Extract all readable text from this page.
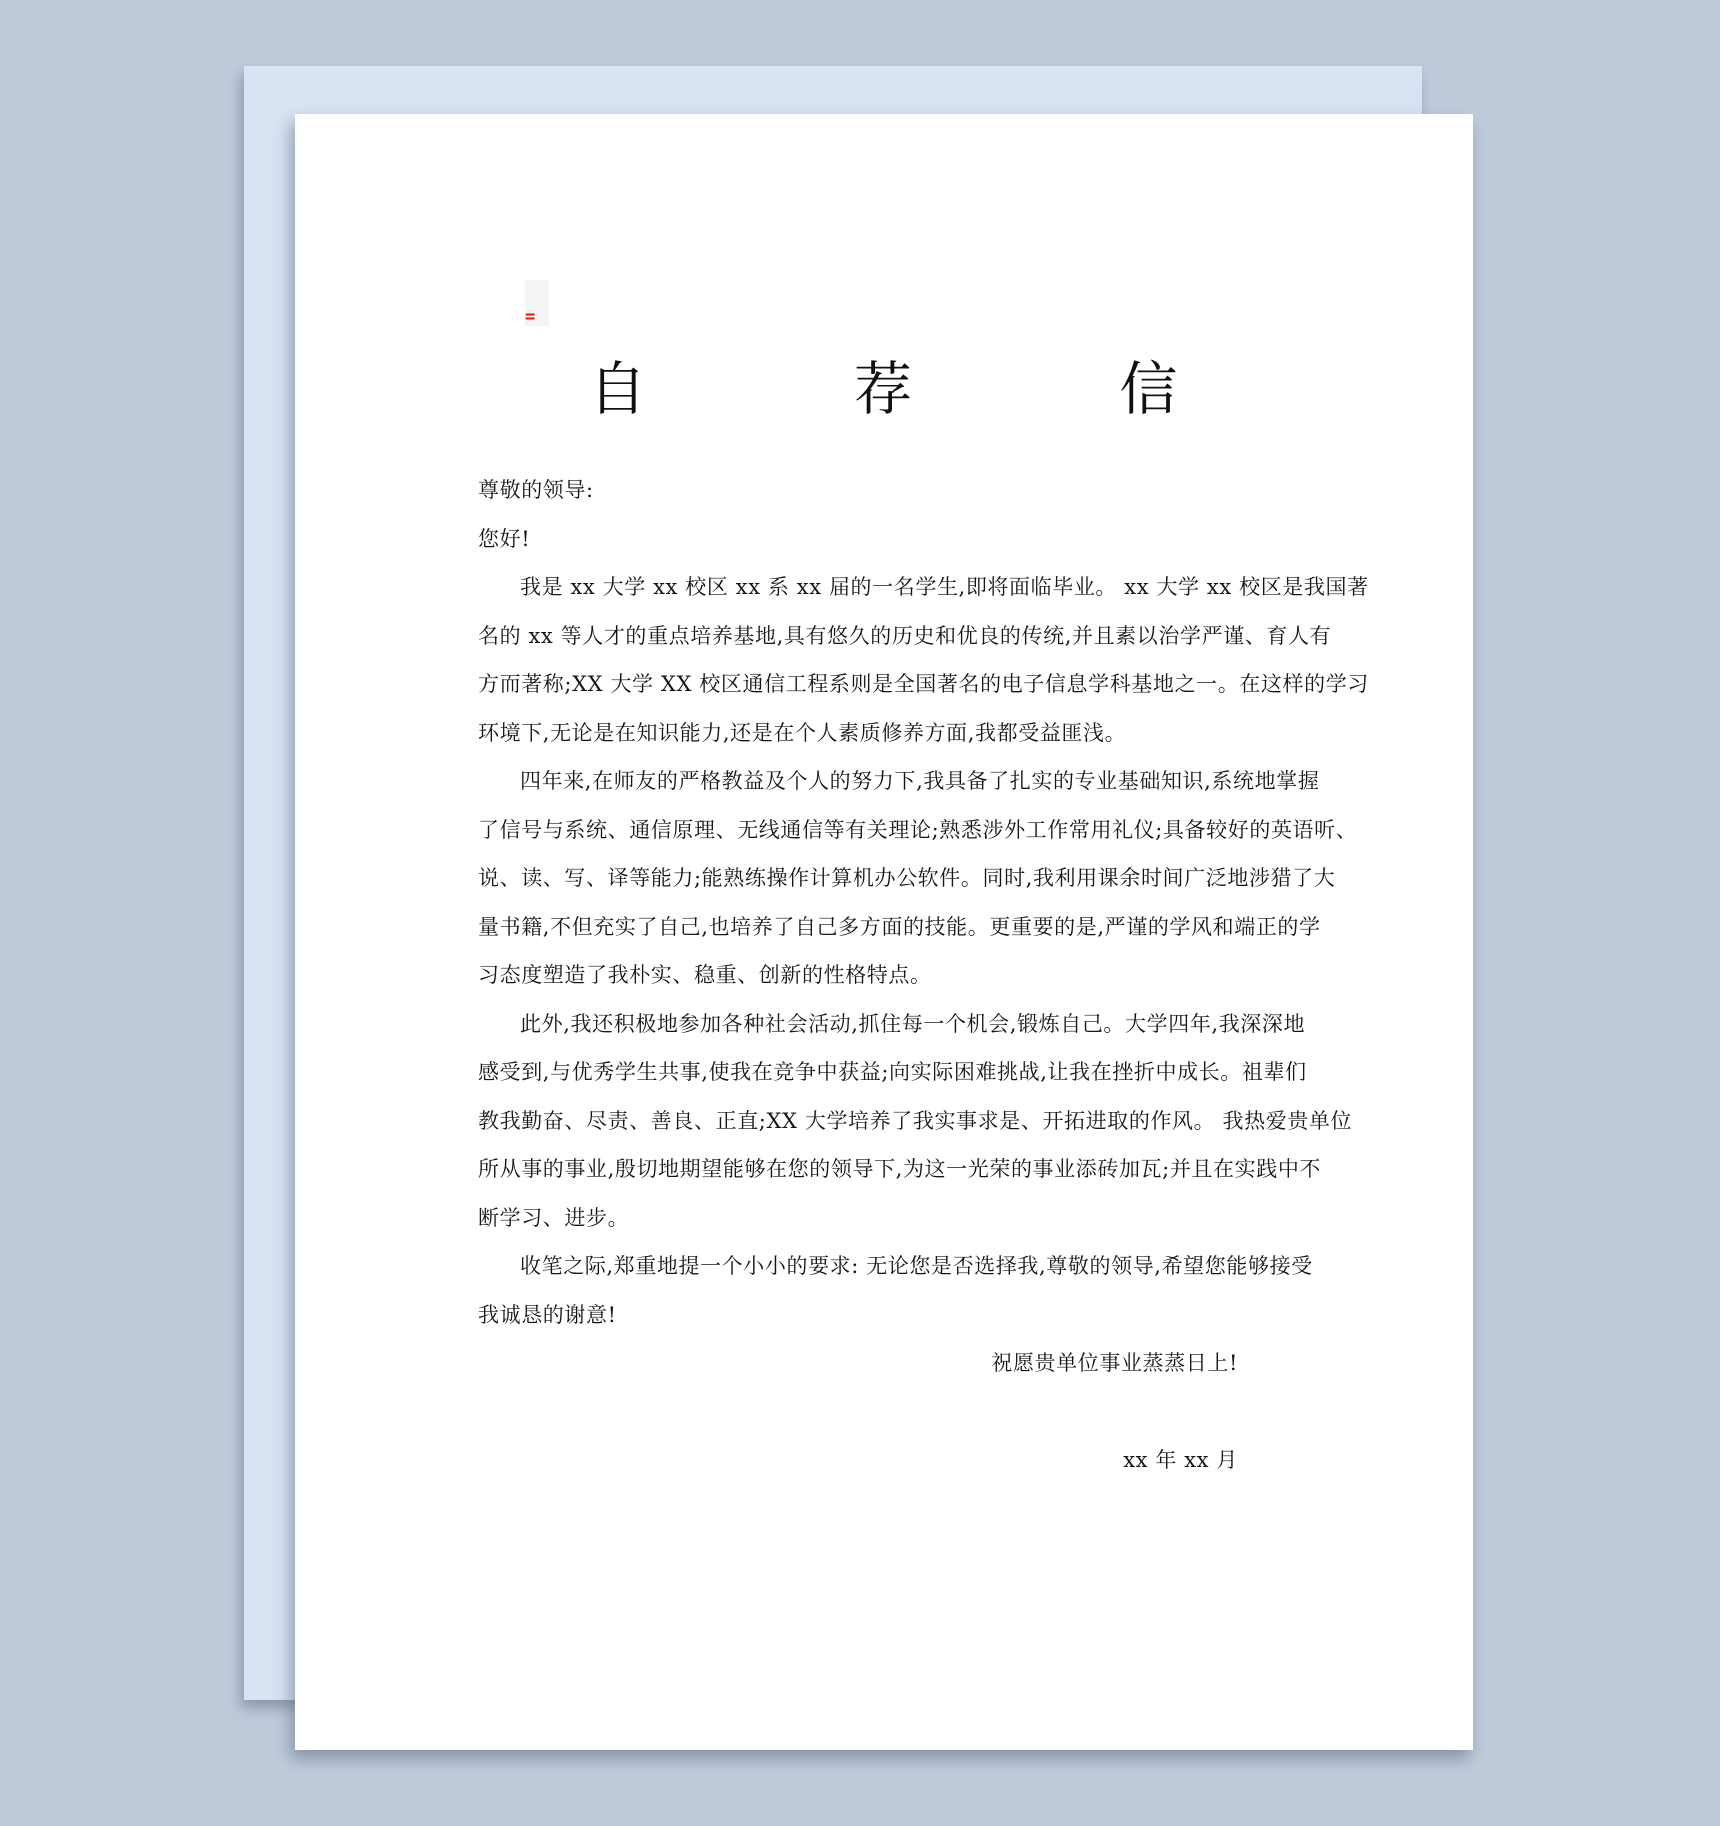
=
自 荐 信
尊敬的领导:
您好!
我是 xx 大学 xx 校区 xx 系 xx 届的一名学生,即将面临毕业。 xx 大学 xx 校区是我国著
名的 xx 等人才的重点培养基地,具有悠久的历史和优良的传统,并且素以治学严谨、育人有
方而著称;XX 大学 XX 校区通信工程系则是全国著名的电子信息学科基地之一。在这样的学习
环境下,无论是在知识能力,还是在个人素质修养方面,我都受益匪浅。
四年来,在师友的严格教益及个人的努力下,我具备了扎实的专业基础知识,系统地掌握
了信号与系统、通信原理、无线通信等有关理论;熟悉涉外工作常用礼仪;具备较好的英语听、
说、读、写、译等能力;能熟练操作计算机办公软件。同时,我利用课余时间广泛地涉猎了大
量书籍,不但充实了自己,也培养了自己多方面的技能。更重要的是,严谨的学风和端正的学
习态度塑造了我朴实、稳重、创新的性格特点。
此外,我还积极地参加各种社会活动,抓住每一个机会,锻炼自己。大学四年,我深深地
感受到,与优秀学生共事,使我在竞争中获益;向实际困难挑战,让我在挫折中成长。祖辈们
教我勤奋、尽责、善良、正直;XX 大学培养了我实事求是、开拓进取的作风。 我热爱贵单位
所从事的事业,殷切地期望能够在您的领导下,为这一光荣的事业添砖加瓦;并且在实践中不
断学习、进步。
收笔之际,郑重地提一个小小的要求: 无论您是否选择我,尊敬的领导,希望您能够接受
我诚恳的谢意!
祝愿贵单位事业蒸蒸日上!
xx 年 xx 月
